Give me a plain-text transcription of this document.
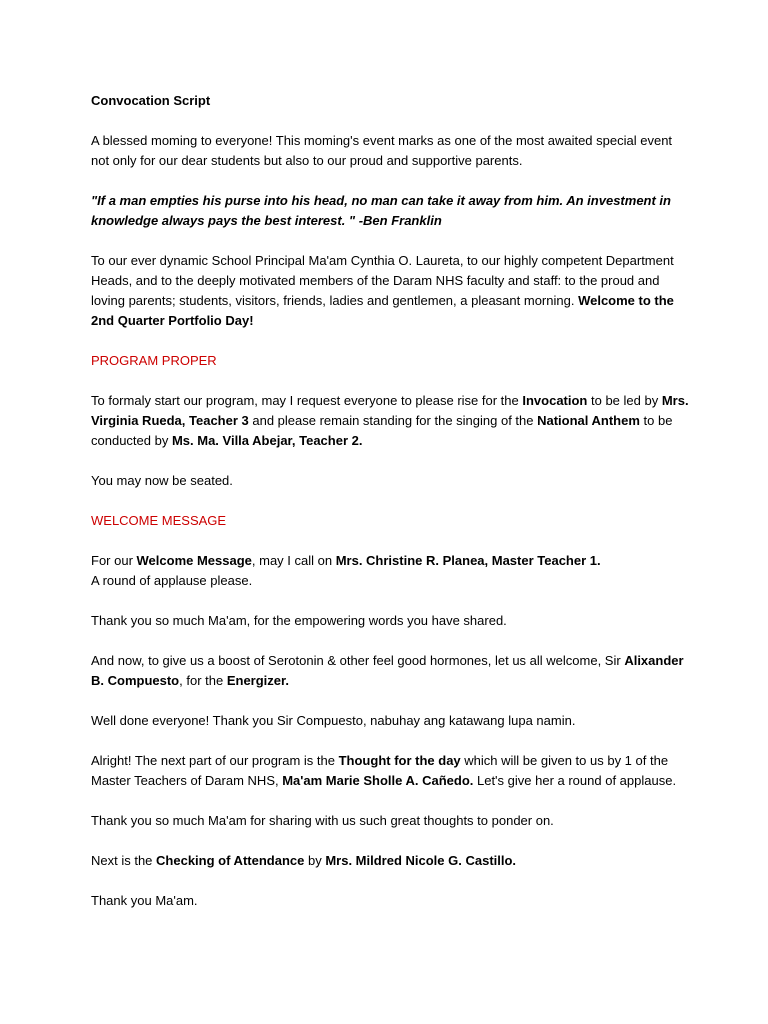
Convocation Script

A blessed moming to everyone! This moming's event marks as one of the most awaited special event not only for our dear students but also to our proud and supportive parents.

"If a man empties his purse into his head, no man can take it away from him. An investment in knowledge always pays the best interest. " -Ben Franklin

To our ever dynamic School Principal Ma'am Cynthia O. Laureta, to our highly competent Department Heads, and to the deeply motivated members of the Daram NHS faculty and staff: to the proud and loving parents; students, visitors, friends, ladies and gentlemen, a pleasant morning. Welcome to the 2nd Quarter Portfolio Day!

PROGRAM PROPER

To formaly start our program, may I request everyone to please rise for the Invocation to be led by Mrs. Virginia Rueda, Teacher 3 and please remain standing for the singing of the National Anthem to be conducted by Ms. Ma. Villa Abejar, Teacher 2.

You may now be seated.

WELCOME MESSAGE

For our Welcome Message, may I call on Mrs. Christine R. Planea, Master Teacher 1.
A round of applause please.

Thank you so much Ma'am, for the empowering words you have shared.

And now, to give us a boost of Serotonin & other feel good hormones, let us all welcome, Sir Alixander B. Compuesto, for the Energizer.

Well done everyone! Thank you Sir Compuesto, nabuhay ang katawang lupa namin.

Alright! The next part of our program is the Thought for the day which will be given to us by 1 of the Master Teachers of Daram NHS, Ma'am Marie Sholle A. Cañedo. Let's give her a round of applause.

Thank you so much Ma'am for sharing with us such great thoughts to ponder on.

Next is the Checking of Attendance by Mrs. Mildred Nicole G. Castillo.

Thank you Ma'am.
